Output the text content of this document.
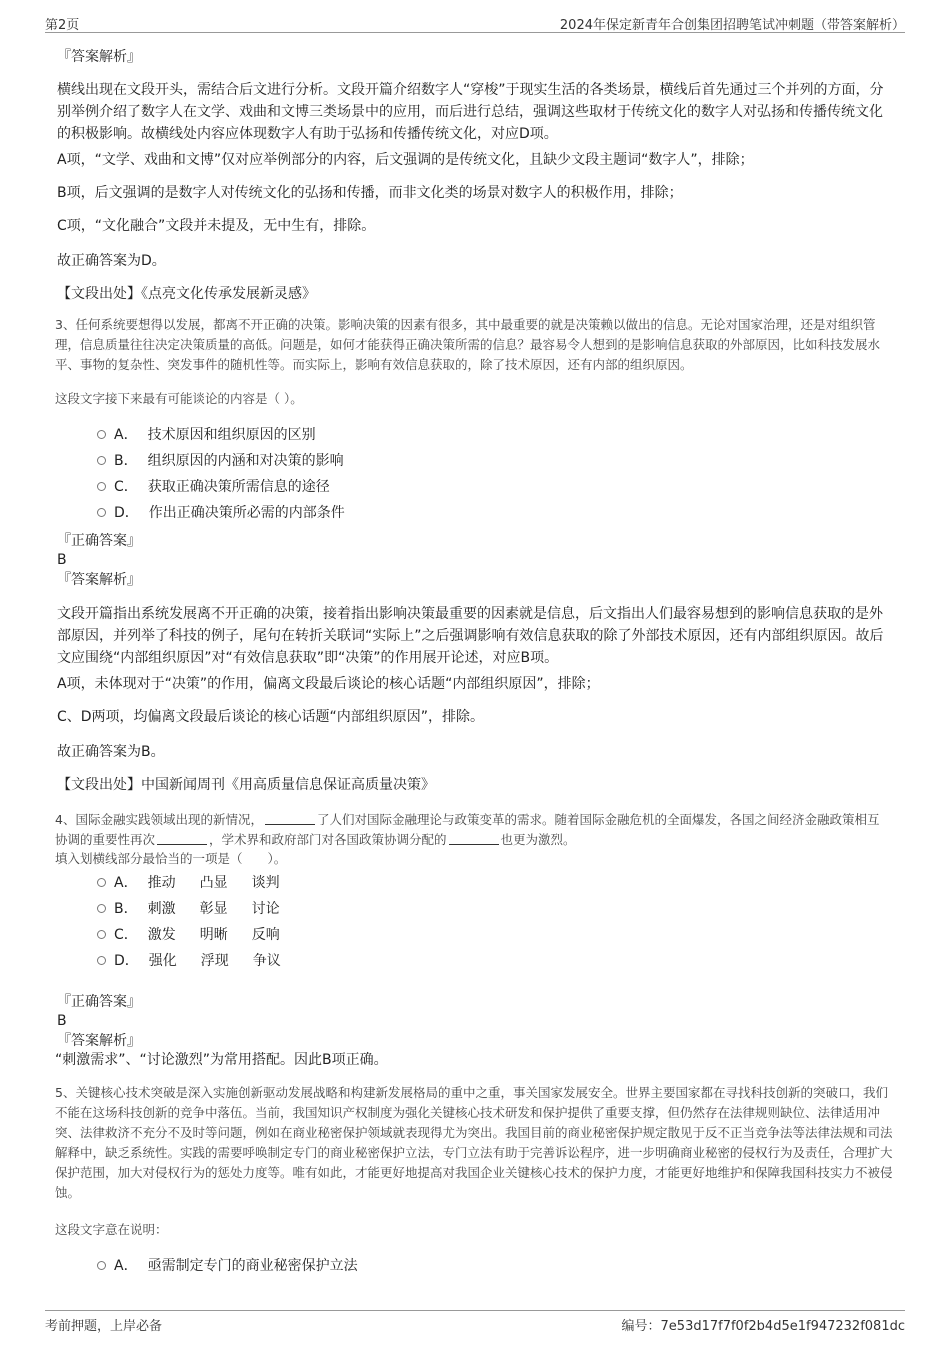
第2页	2024年保定新青年合创集团招聘笔试冲刺题（带答案解析）
『答案解析』
横线出现在文段开头，需结合后文进行分析。文段开篇介绍数字人“穿梭”于现实生活的各类场景，横线后首先通过三个并列的方面，分别举例介绍了数字人在文学、戏曲和文博三类场景中的应用，而后进行总结，强调这些取材于传统文化的数字人对弘扬和传播传统文化的积极影响。故横线处内容应体现数字人有助于弘扬和传播传统文化，对应D项。
A项，“文学、戏曲和文博”仅对应举例部分的内容，后文强调的是传统文化，且缺少文段主题词“数字人”，排除；
B项，后文强调的是数字人对传统文化的弘扬和传播，而非文化类的场景对数字人的积极作用，排除；
C项，“文化融合”文段并未提及，无中生有，排除。
故正确答案为D。
【文段出处】《点亮文化传承发展新灵感》
3、任何系统要想得以发展，都离不开正确的决策。影响决策的因素有很多，其中最重要的就是决策赖以做出的信息。无论对国家治理，还是对组织管理，信息质量往往决定决策质量的高低。问题是，如何才能获得正确决策所需的信息？最容易令人想到的是影响信息获取的外部原因，比如科技发展水平、事物的复杂性、突发事件的随机性等。而实际上，影响有效信息获取的，除了技术原因，还有内部的组织原因。
这段文字接下来最有可能谈论的内容是（ ）。
A． 技术原因和组织原因的区别
B． 组织原因的内涵和对决策的影响
C． 获取正确决策所需信息的途径
D． 作出正确决策所必需的内部条件
『正确答案』
B
『答案解析』
文段开篇指出系统发展离不开正确的决策，接着指出影响决策最重要的因素就是信息，后文指出人们最容易想到的影响信息获取的是外部原因，并列举了科技的例子，尾句在转折关联词“实际上”之后强调影响有效信息获取的除了外部技术原因，还有内部组织原因。故后文应围绕“内部组织原因”对“有效信息获取”即“决策”的作用展开论述，对应B项。
A项，未体现对于“决策”的作用，偏离文段最后谈论的核心话题“内部组织原因”，排除；
C、D两项，均偏离文段最后谈论的核心话题“内部组织原因”，排除。
故正确答案为B。
【文段出处】中国新闻周刊《用高质量信息保证高质量决策》
4、国际金融实践领域出现的新情况，	了人们对国际金融理论与政策变革的需求。随着国际金融危机的全面爆发，各国之间经济金融政策相互协调的重要性再次	，学术界和政府部门对各国政策协调分配的	也更为激烈。
填入划横线部分最恰当的一项是（　　）。
A． 推动 凸显 谈判
B． 刺激 彰显 讨论
C． 激发 明晰 反响
D． 强化 浮现 争议
『正确答案』
B
『答案解析』
“刺激需求”、“讨论激烈”为常用搭配。因此B项正确。
5、关键核心技术突破是深入实施创新驱动发展战略和构建新发展格局的重中之重，事关国家发展安全。世界主要国家都在寻找科技创新的突破口，我们不能在这场科技创新的竞争中落伍。当前，我国知识产权制度为强化关键核心技术研发和保护提供了重要支撑，但仍然存在法律规则缺位、法律适用冲突、法律救济不充分不及时等问题，例如在商业秘密保护领域就表现得尤为突出。我国目前的商业秘密保护规定散见于反不正当竞争法等法律法规和司法解释中，缺乏系统性。实践的需要呼唤制定专门的商业秘密保护立法，专门立法有助于完善诉讼程序，进一步明确商业秘密的侵权行为及责任，合理扩大保护范围，加大对侵权行为的惩处力度等。唯有如此，才能更好地提高对我国企业关键核心技术的保护力度，才能更好地维护和保障我国科技实力不被侵蚀。
这段文字意在说明：
A． 亟需制定专门的商业秘密保护立法
考前押题，上岸必备	编号：7e53d17f7f0f2b4d5e1f947232f081dc
